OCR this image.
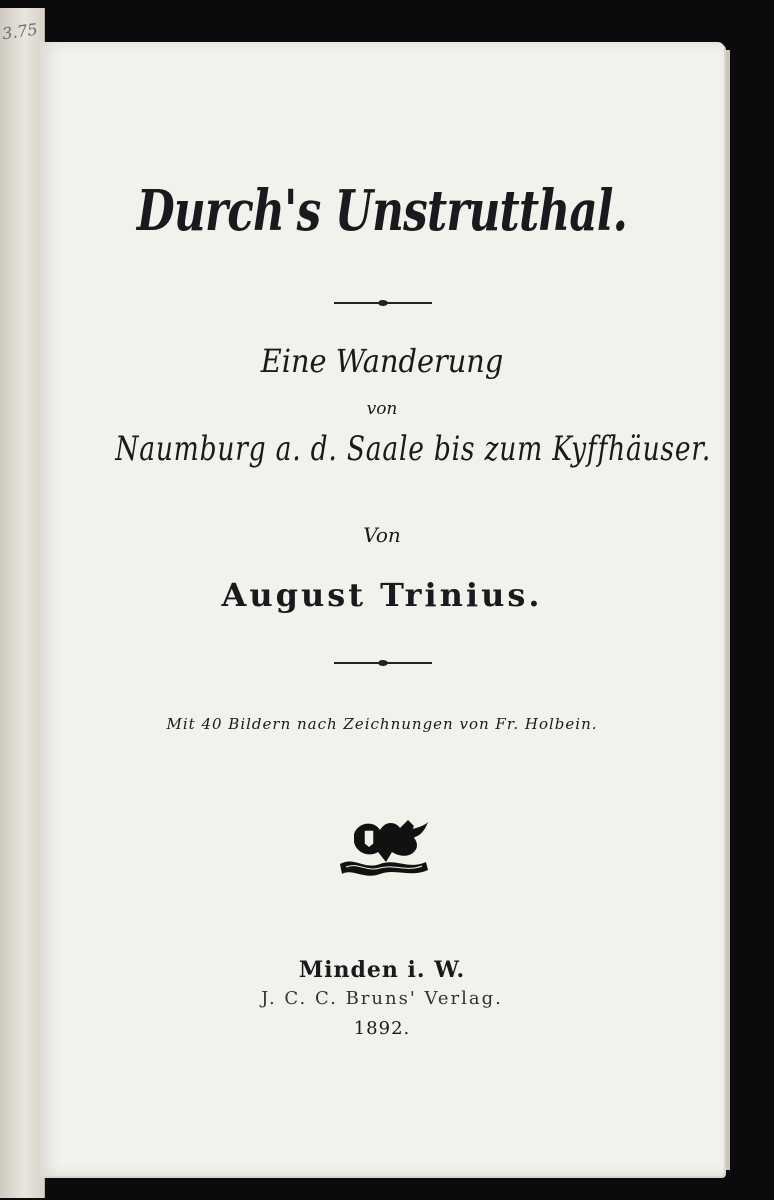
3.75
Durch's Unstrutthal.
Eine Wanderung
von
Naumburg a. d. Saale bis zum Kyffhäuser.
Von
August Trinius.
Mit 40 Bildern nach Zeichnungen von Fr. Holbein.
Minden i. W.
J. C. C. Bruns' Verlag.
1892.
